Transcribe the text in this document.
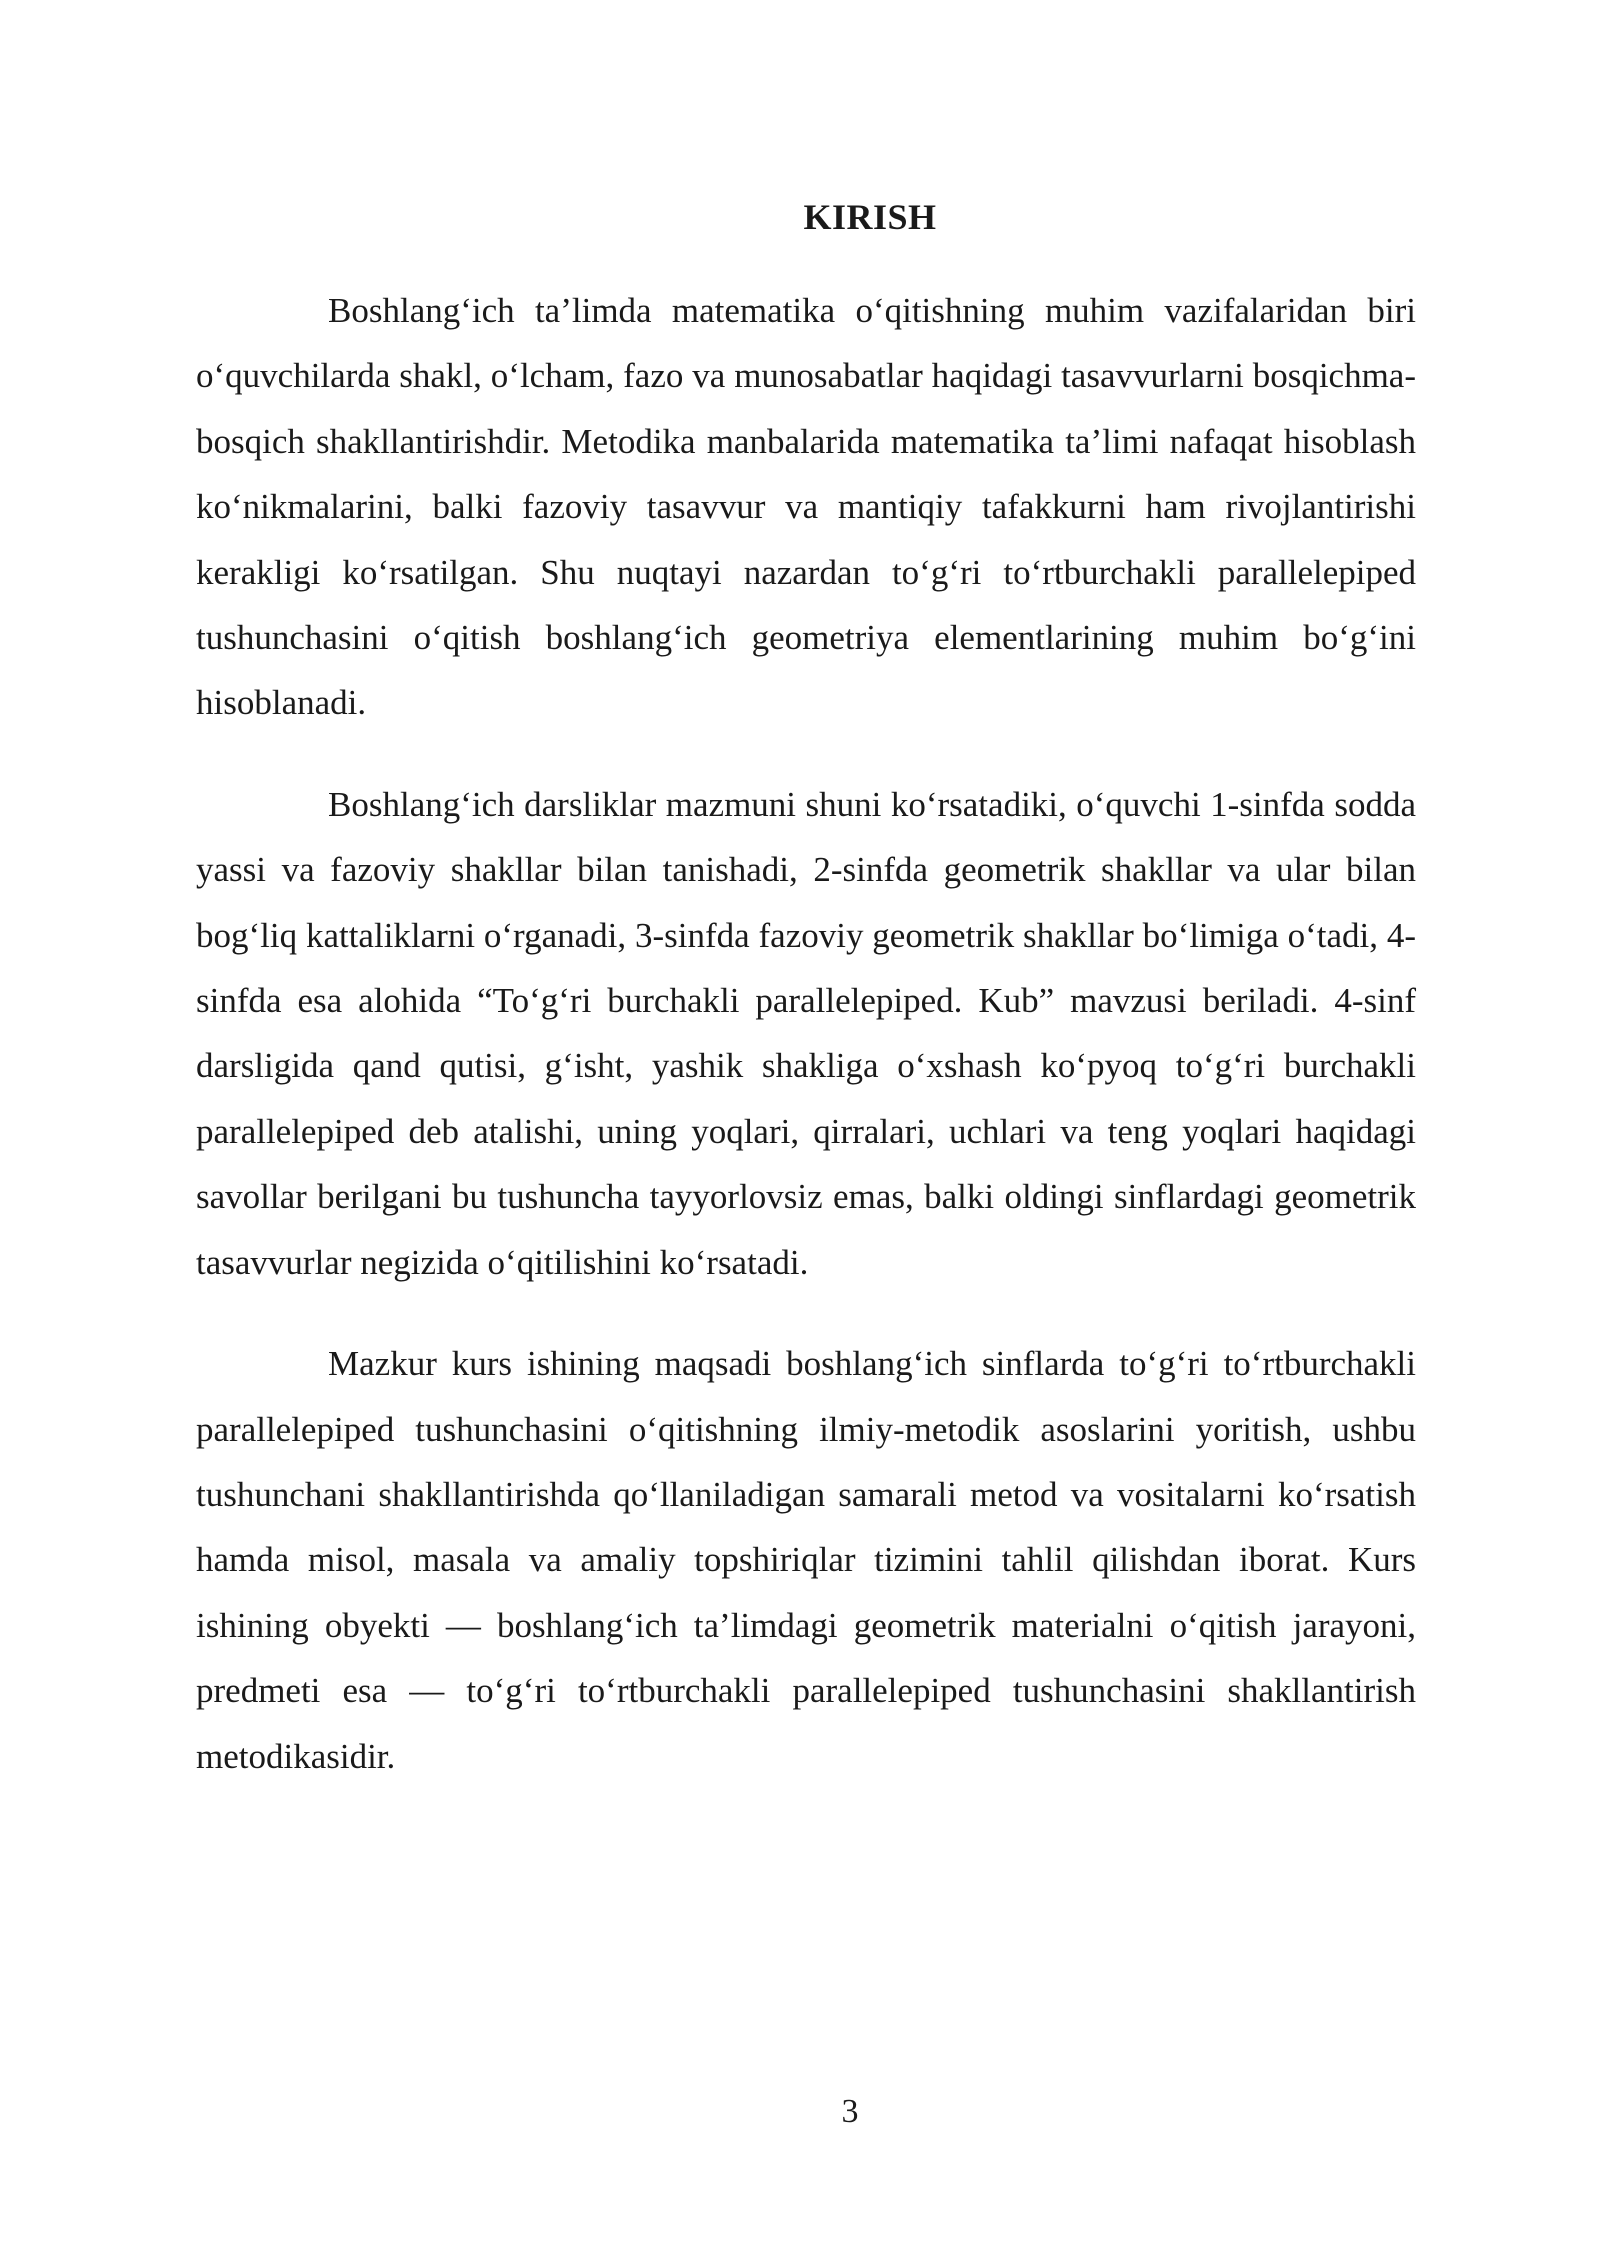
KIRISH

Boshlang‘ich ta’limda matematika o‘qitishning muhim vazifalaridan biri o‘quvchilarda shakl, o‘lcham, fazo va munosabatlar haqidagi tasavvurlarni bosqichma-bosqich shakllantirishdir. Metodika manbalarida matematika ta’limi nafaqat hisoblash ko‘nikmalarini, balki fazoviy tasavvur va mantiqiy tafakkurni ham rivojlantirishi kerakligi ko‘rsatilgan. Shu nuqtayi nazardan to‘g‘ri to‘rtburchakli parallelepiped tushunchasini o‘qitish boshlang‘ich geometriya elementlarining muhim bo‘g‘ini hisoblanadi.

Boshlang‘ich darsliklar mazmuni shuni ko‘rsatadiki, o‘quvchi 1-sinfda sodda yassi va fazoviy shakllar bilan tanishadi, 2-sinfda geometrik shakllar va ular bilan bog‘liq kattaliklarni o‘rganadi, 3-sinfda fazoviy geometrik shakllar bo‘limiga o‘tadi, 4-sinfda esa alohida “To‘g‘ri burchakli parallelepiped. Kub” mavzusi beriladi. 4-sinf darsligida qand qutisi, g‘isht, yashik shakliga o‘xshash ko‘pyoq to‘g‘ri burchakli parallelepiped deb atalishi, uning yoqlari, qirralari, uchlari va teng yoqlari haqidagi savollar berilgani bu tushuncha tayyorlovsiz emas, balki oldingi sinflardagi geometrik tasavvurlar negizida o‘qitilishini ko‘rsatadi.

Mazkur kurs ishining maqsadi boshlang‘ich sinflarda to‘g‘ri to‘rtburchakli parallelepiped tushunchasini o‘qitishning ilmiy-metodik asoslarini yoritish, ushbu tushunchani shakllantirishda qo‘llaniladigan samarali metod va vositalarni ko‘rsatish hamda misol, masala va amaliy topshiriqlar tizimini tahlil qilishdan iborat. Kurs ishining obyekti — boshlang‘ich ta’limdagi geometrik materialni o‘qitish jarayoni, predmeti esa — to‘g‘ri to‘rtburchakli parallelepiped tushunchasini shakllantirish metodikasidir.

3
